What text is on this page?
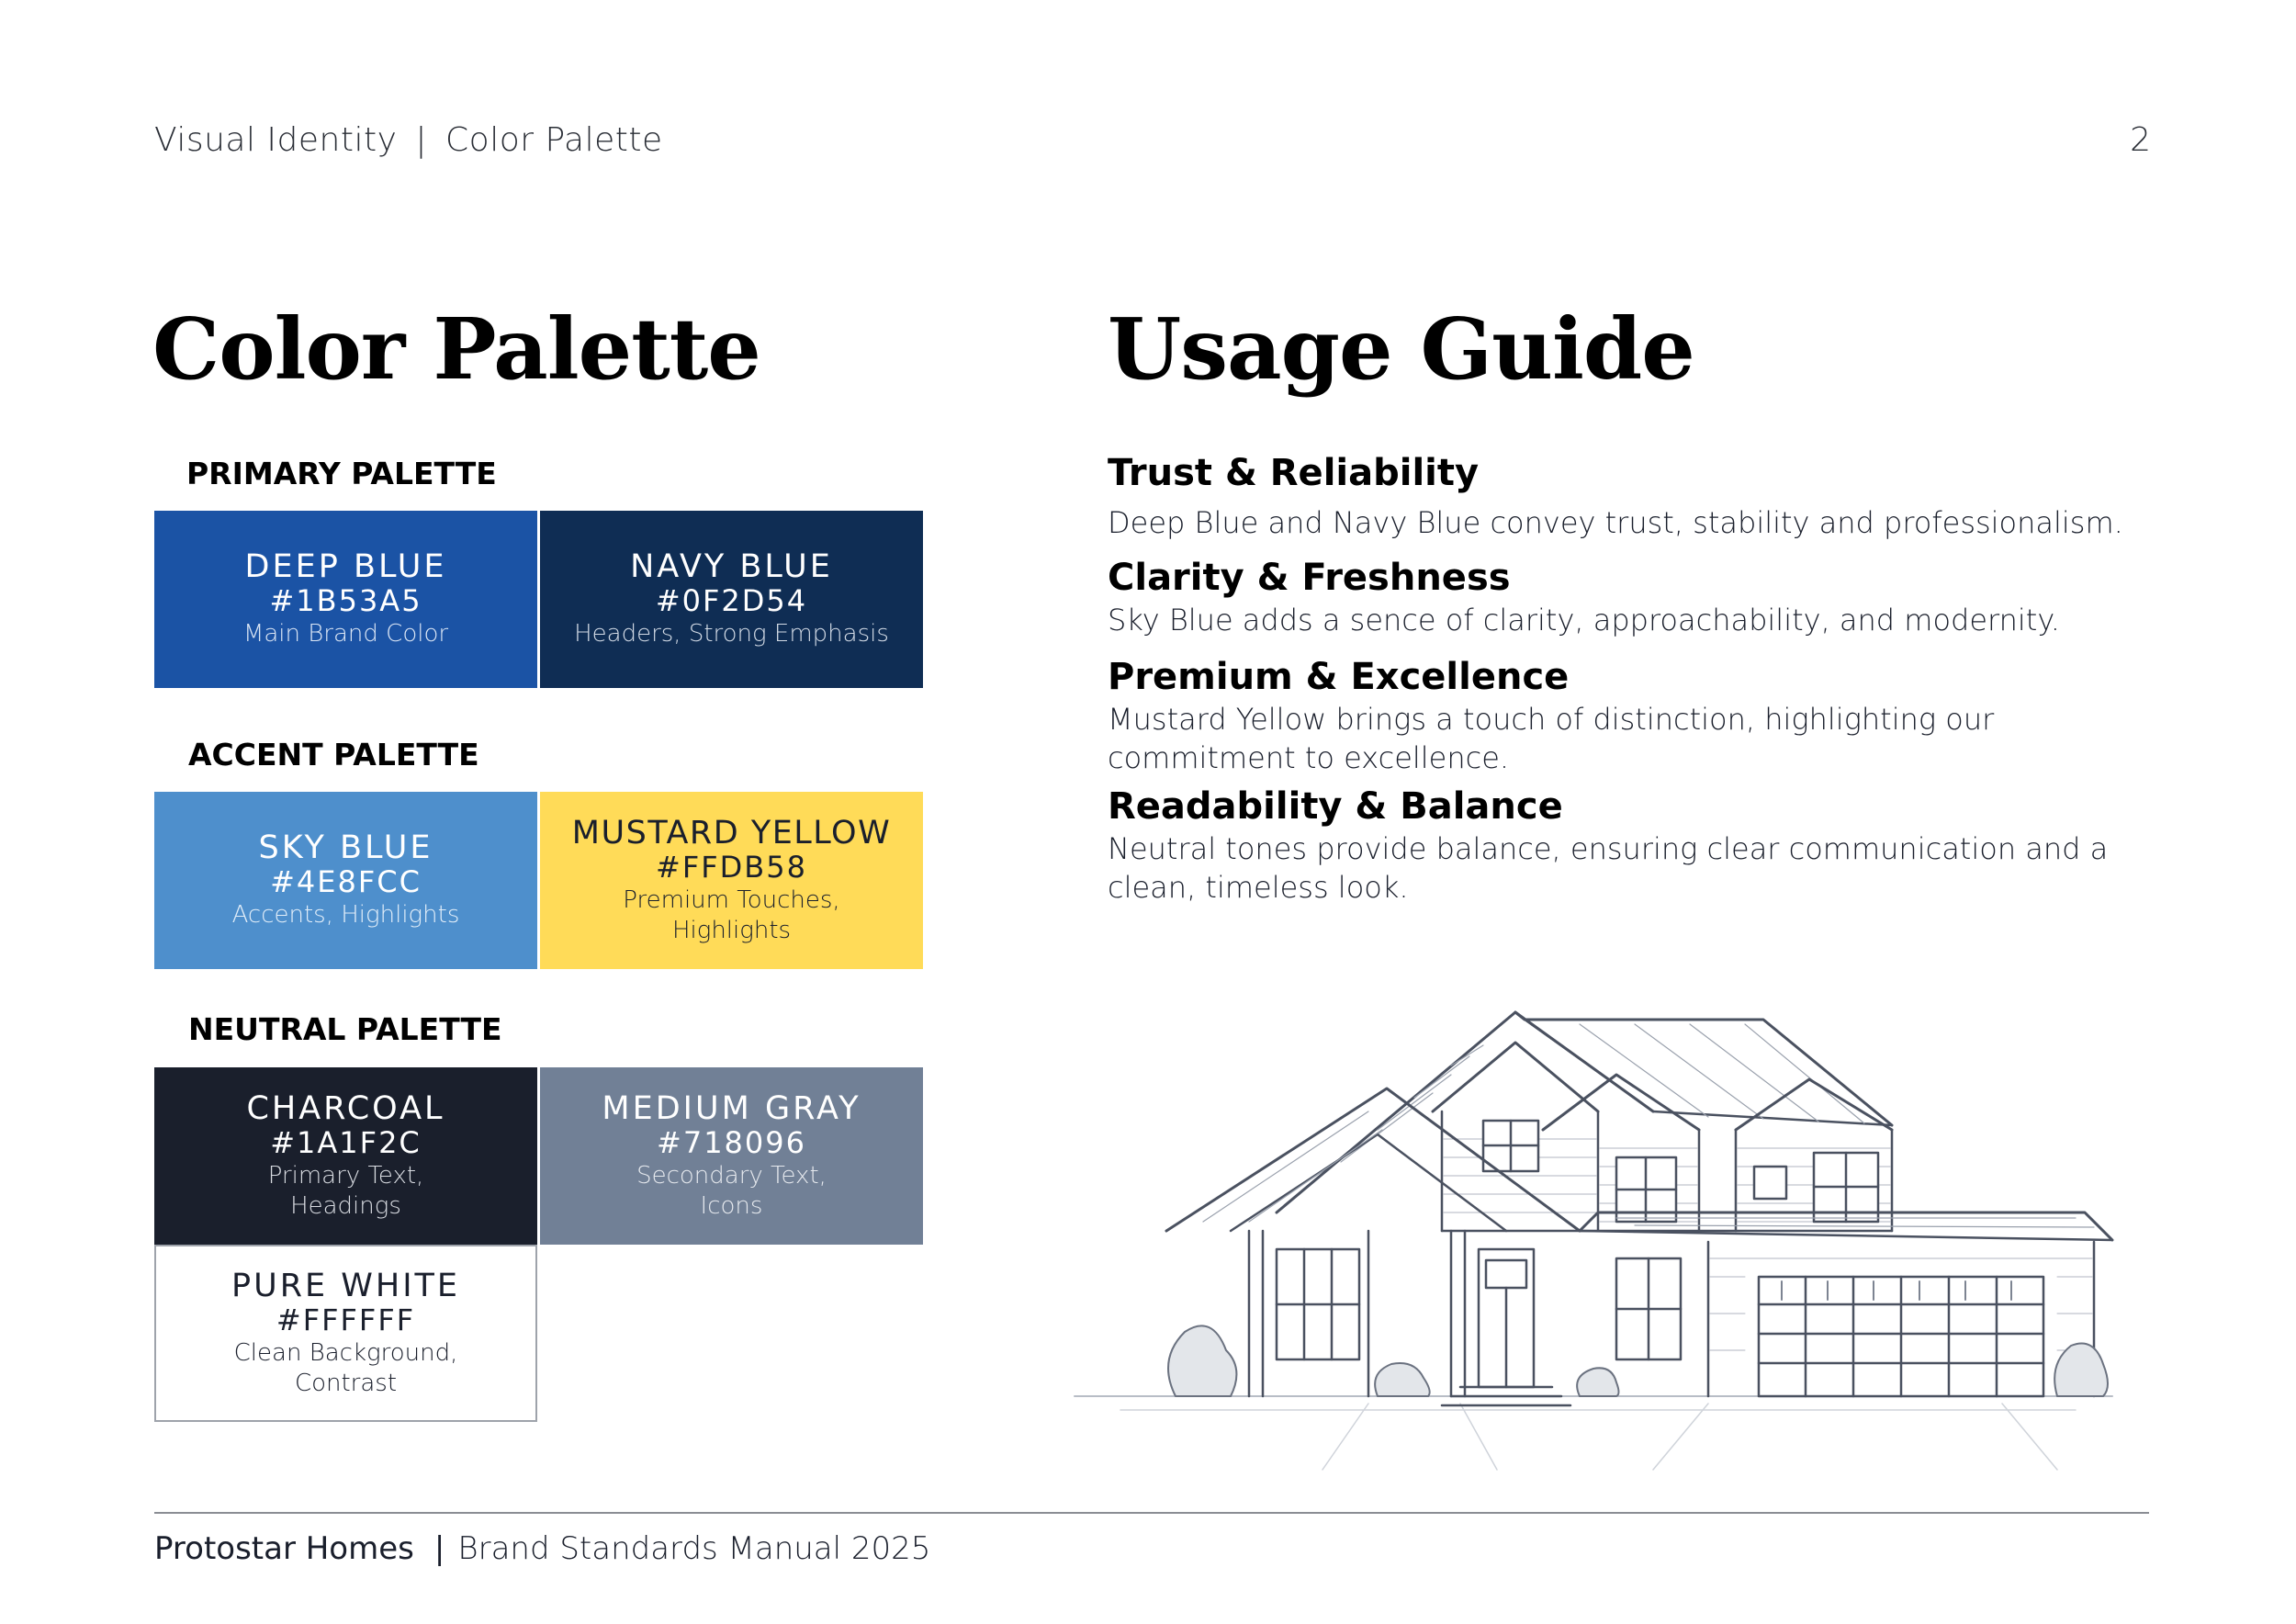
Visual Identity | Color Palette	2
Color Palette	Usage Guide
PRIMARY PALETTE
ACCENT PALETTE
NEUTRAL PALETTE
DEEP BLUE
#1B53A5
Main Brand Color
NAVY BLUE
#0F2D54
Headers, Strong Emphasis
SKY BLUE
#4E8FCC
Accents, Highlights
MUSTARD YELLOW
#FFDB58
Premium Touches, Highlights
CHARCOAL
#1A1F2C
Primary Text, Headings
MEDIUM GRAY
#718096
Secondary Text, Icons
PURE WHITE
#FFFFFF
Clean Background, Contrast
Trust & Reliability
Deep Blue and Navy Blue convey trust, stability and professionalism.
Clarity & Freshness
Sky Blue adds a sence of clarity, approachability, and modernity.
Premium & Excellence
Mustard Yellow brings a touch of distinction, highlighting our commitment to excellence.
Readability & Balance
Neutral tones provide balance, ensuring clear communication and a clean, timeless look.
Protostar Homes | Brand Standards Manual 2025
